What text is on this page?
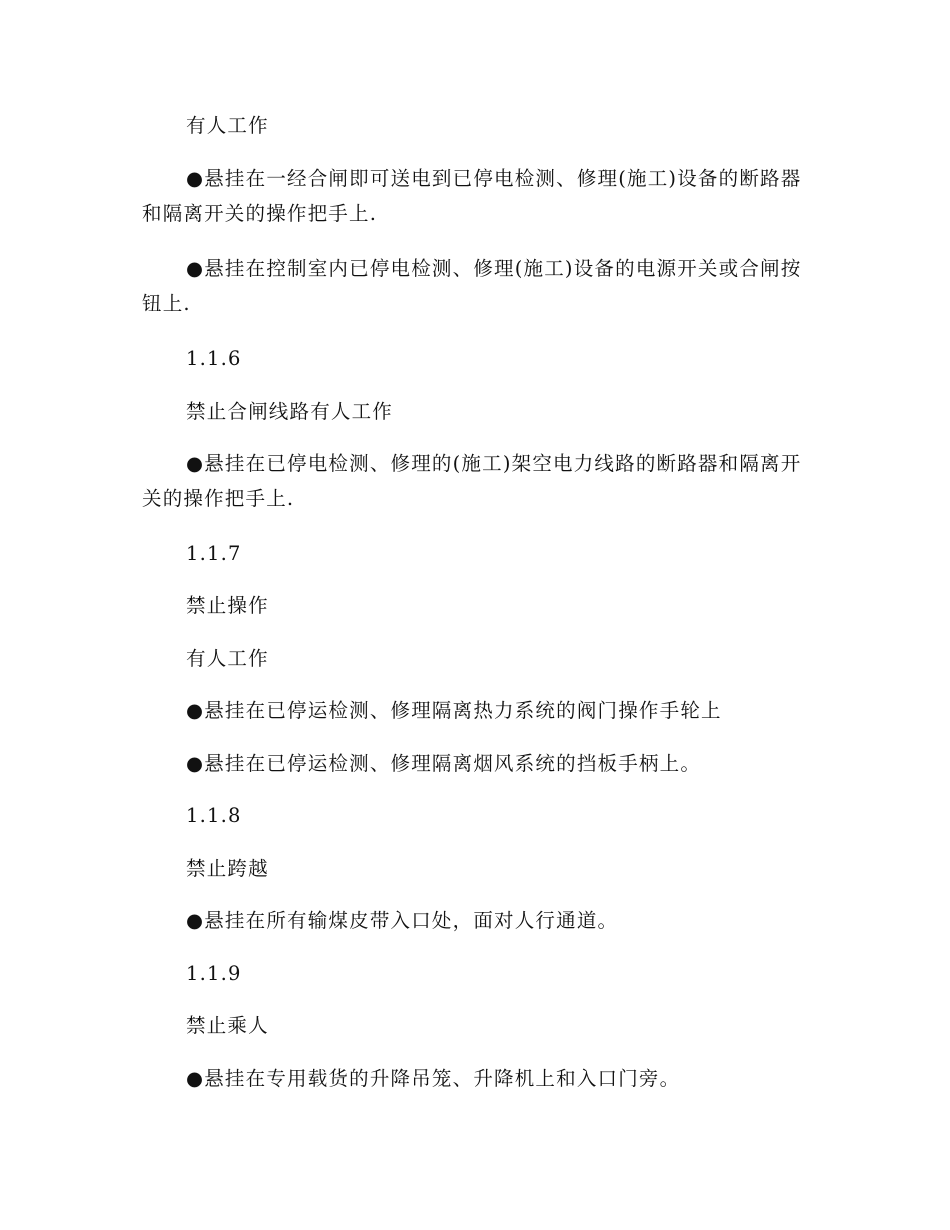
有人工作
●悬挂在一经合闸即可送电到已停电检测、修理(施工)设备的断路器和隔离开关的操作把手上.
●悬挂在控制室内已停电检测、修理(施工)设备的电源开关或合闸按钮上.
1.1.6
禁止合闸线路有人工作
●悬挂在已停电检测、修理的(施工)架空电力线路的断路器和隔离开关的操作把手上.
1.1.7
禁止操作
有人工作
●悬挂在已停运检测、修理隔离热力系统的阀门操作手轮上
●悬挂在已停运检测、修理隔离烟风系统的挡板手柄上。
1.1.8
禁止跨越
●悬挂在所有输煤皮带入口处，面对人行通道。
1.1.9
禁止乘人
●悬挂在专用载货的升降吊笼、升降机上和入口门旁。
